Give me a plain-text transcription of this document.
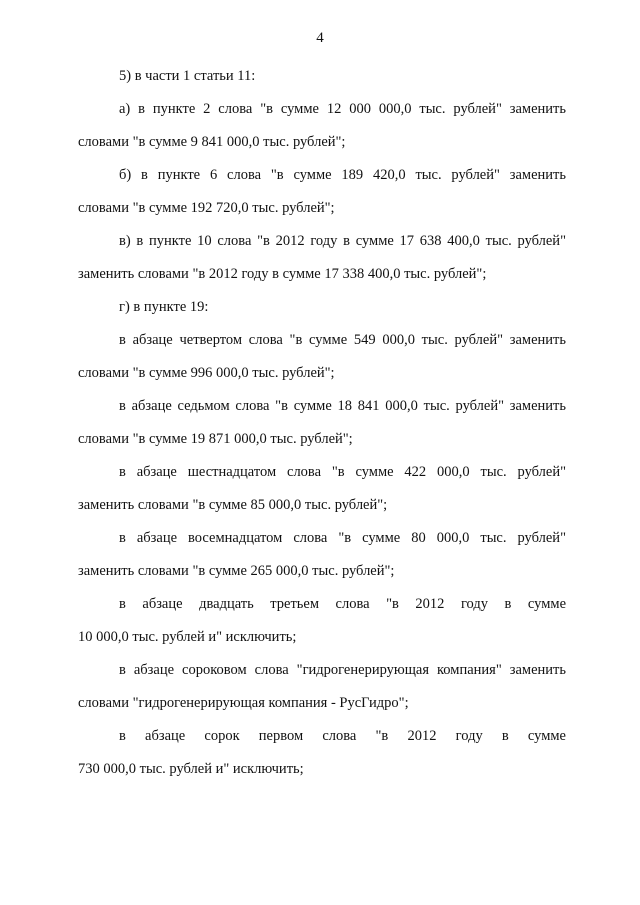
4
5) в части 1 статьи 11:
а) в пункте 2 слова "в сумме 12 000 000,0 тыс. рублей" заменить
словами "в сумме 9 841 000,0 тыс. рублей";
б) в пункте 6 слова "в сумме 189 420,0 тыс. рублей" заменить
словами "в сумме 192 720,0 тыс. рублей";
в) в пункте 10 слова "в 2012 году в сумме 17 638 400,0 тыс. рублей"
заменить словами "в 2012 году в сумме 17 338 400,0 тыс. рублей";
г) в пункте 19:
в абзаце четвертом слова "в сумме 549 000,0 тыс. рублей" заменить
словами "в сумме 996 000,0 тыс. рублей";
в абзаце седьмом слова "в сумме 18 841 000,0 тыс. рублей" заменить
словами "в сумме 19 871 000,0 тыс. рублей";
в абзаце шестнадцатом слова "в сумме 422 000,0 тыс. рублей"
заменить словами "в сумме 85 000,0 тыс. рублей";
в абзаце восемнадцатом слова "в сумме 80 000,0 тыс. рублей"
заменить словами "в сумме 265 000,0 тыс. рублей";
в абзаце двадцать третьем слова "в 2012 году в сумме
10 000,0 тыс. рублей и" исключить;
в абзаце сороковом слова "гидрогенерирующая компания" заменить
словами "гидрогенерирующая компания - РусГидро";
в абзаце сорок первом слова "в 2012 году в сумме
730 000,0 тыс. рублей и" исключить;
